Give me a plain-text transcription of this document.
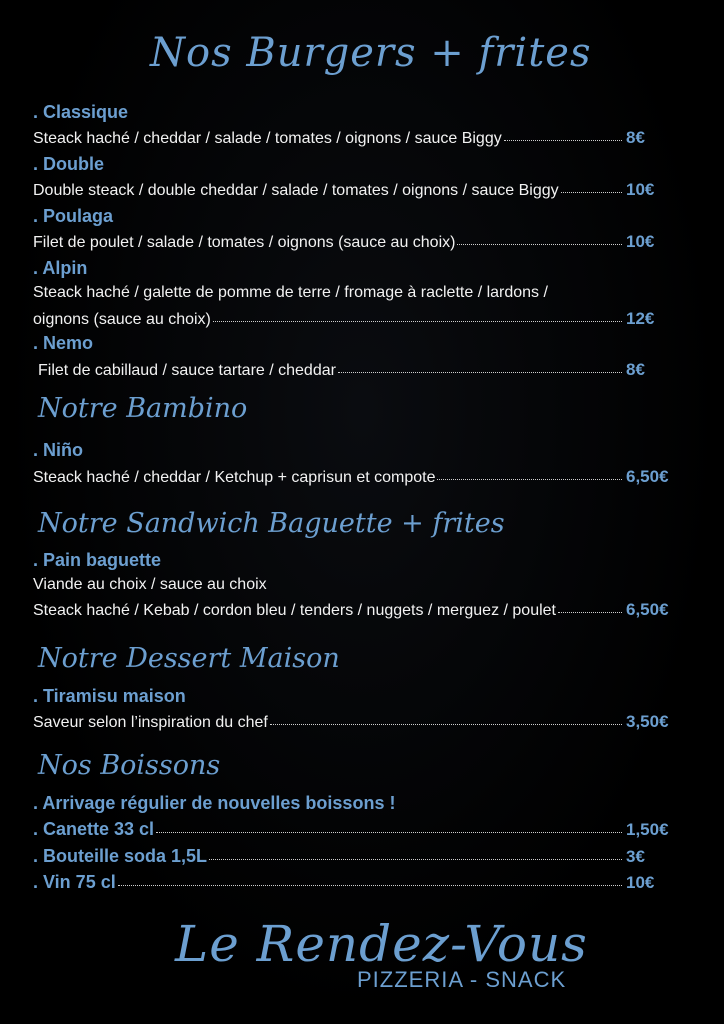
Nos Burgers + frites
. Classique
Steack haché / cheddar / salade / tomates / oignons / sauce Biggy	8€
. Double
Double steack / double cheddar / salade / tomates / oignons / sauce Biggy	10€
. Poulaga
Filet de poulet / salade / tomates / oignons (sauce au choix)	10€
. Alpin
Steack haché / galette de pomme de terre / fromage à raclette / lardons /
oignons (sauce au choix)	12€
. Nemo
Filet de cabillaud / sauce tartare / cheddar	8€
Notre Bambino
. Niño
Steack haché / cheddar / Ketchup + caprisun et compote	6,50€
Notre Sandwich Baguette + frites
. Pain baguette
Viande au choix / sauce au choix
Steack haché / Kebab / cordon bleu / tenders / nuggets / merguez / poulet	6,50€
Notre Dessert Maison
. Tiramisu maison
Saveur selon l’inspiration du chef	3,50€
Nos Boissons
. Arrivage régulier de nouvelles boissons !
. Canette 33 cl	1,50€
. Bouteille soda 1,5L	3€
. Vin 75 cl	10€
Le Rendez-Vous
PIZZERIA - SNACK
